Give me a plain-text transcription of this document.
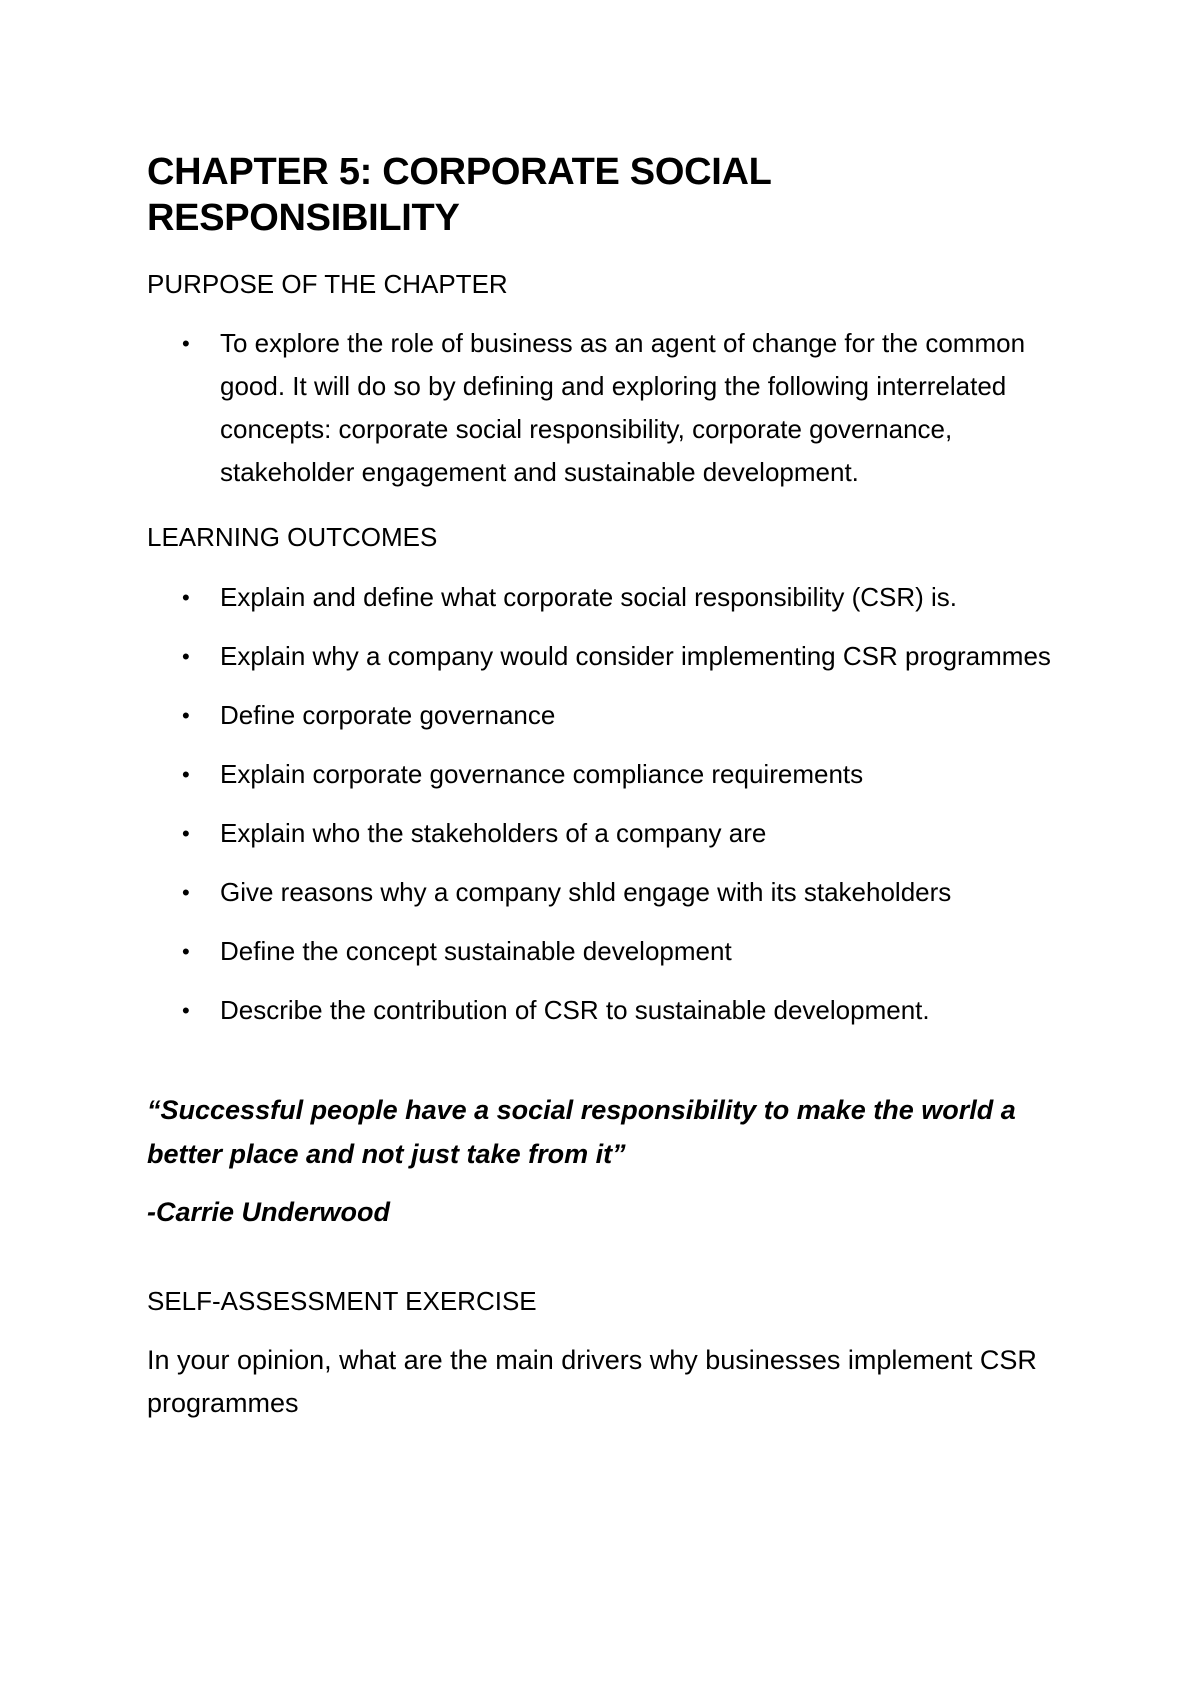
CHAPTER 5: CORPORATE SOCIAL RESPONSIBILITY
PURPOSE OF THE CHAPTER
• To explore the role of business as an agent of change for the common good. It will do so by defining and exploring the following interrelated concepts: corporate social responsibility, corporate governance, stakeholder engagement and sustainable development.
LEARNING OUTCOMES
• Explain and define what corporate social responsibility (CSR) is.
• Explain why a company would consider implementing CSR programmes
• Define corporate governance
• Explain corporate governance compliance requirements
• Explain who the stakeholders of a company are
• Give reasons why a company shld engage with its stakeholders
• Define the concept sustainable development
• Describe the contribution of CSR to sustainable development.
“Successful people have a social responsibility to make the world a better place and not just take from it”
-Carrie Underwood
SELF-ASSESSMENT EXERCISE

In your opinion, what are the main drivers why businesses implement CSR programmes
